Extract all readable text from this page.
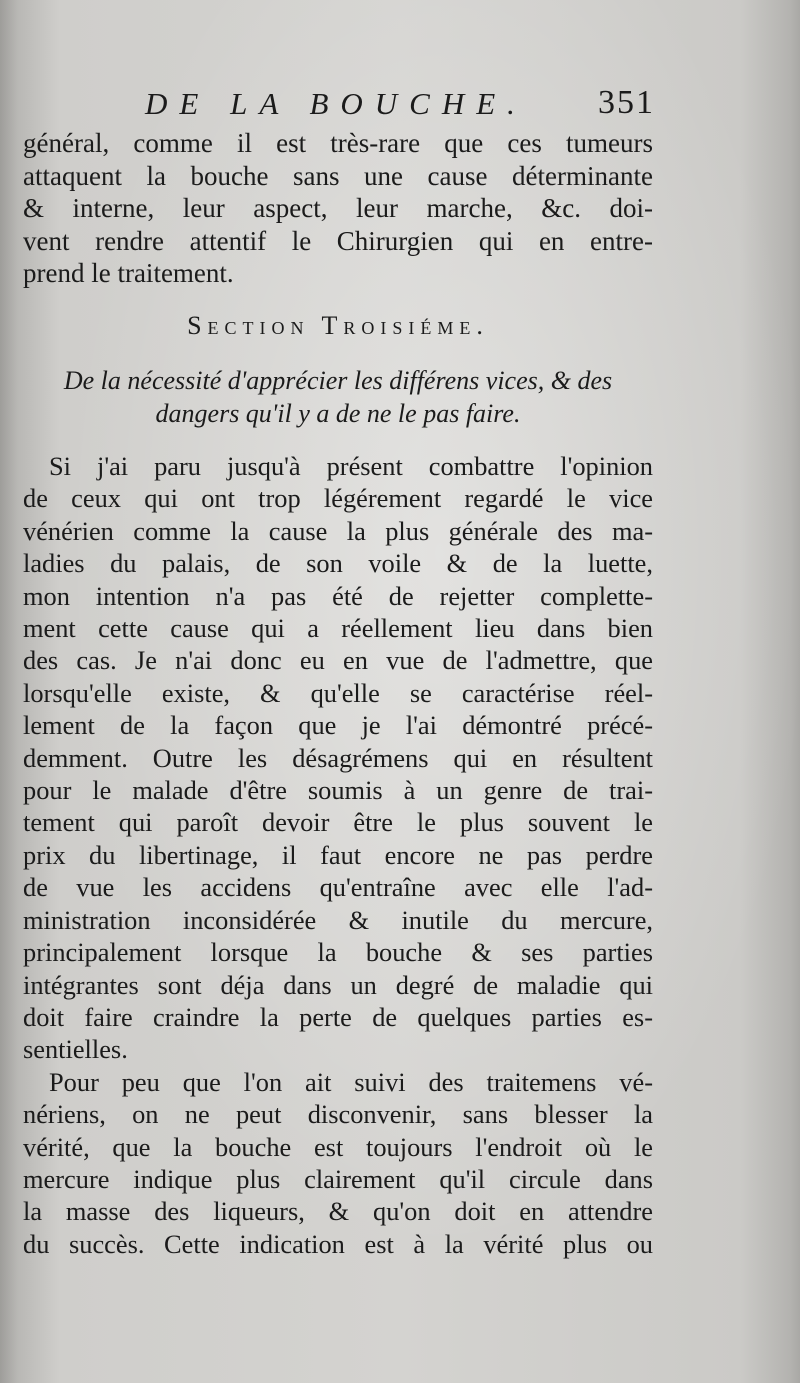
DE LA BOUCHE. 351
général, comme il est très-rare que ces tumeurs
attaquent la bouche sans une cause déterminante
& interne, leur aspect, leur marche, &c. doi-
vent rendre attentif le Chirurgien qui en entre-
prend le traitement.
Section Troisiéme.
De la nécessité d'apprécier les différens vices, & des
dangers qu'il y a de ne le pas faire.

Si j'ai paru jusqu'à présent combattre l'opinion
de ceux qui ont trop légérement regardé le vice
vénérien comme la cause la plus générale des ma-
ladies du palais, de son voile & de la luette,
mon intention n'a pas été de rejetter complette-
ment cette cause qui a réellement lieu dans bien
des cas. Je n'ai donc eu en vue de l'admettre, que
lorsqu'elle existe, & qu'elle se caractérise réel-
lement de la façon que je l'ai démontré précé-
demment. Outre les désagrémens qui en résultent
pour le malade d'être soumis à un genre de trai-
tement qui paroît devoir être le plus souvent le
prix du libertinage, il faut encore ne pas perdre
de vue les accidens qu'entraîne avec elle l'ad-
ministration inconsidérée & inutile du mercure,
principalement lorsque la bouche & ses parties
intégrantes sont déja dans un degré de maladie qui
doit faire craindre la perte de quelques parties es-
sentielles.

Pour peu que l'on ait suivi des traitemens vé-
nériens, on ne peut disconvenir, sans blesser la
vérité, que la bouche est toujours l'endroit où le
mercure indique plus clairement qu'il circule dans
la masse des liqueurs, & qu'on doit en attendre
du succès. Cette indication est à la vérité plus ou
